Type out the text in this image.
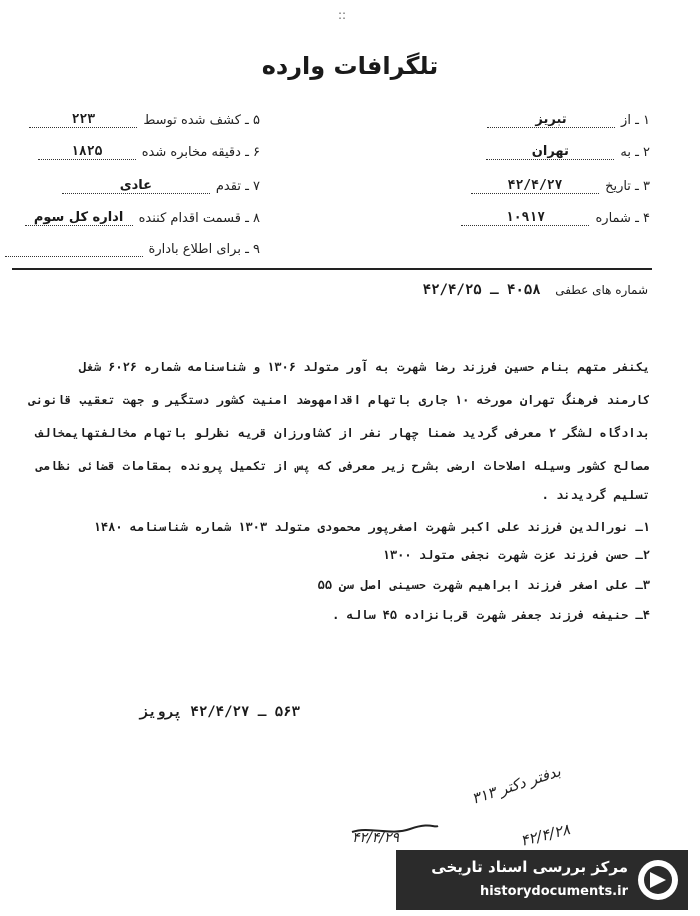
::
تلگرافات وارده
۱ ـ از
تبریز
۲ ـ به
تهران
۳ ـ تاریخ
۴۲/۴/۲۷
۴ ـ شماره
۱۰۹۱۷
۵ ـ کشف شده توسط
۲۲۳
۶ ـ دقیقه مخابره شده
۱۸۲۵
۷ ـ تقدم
عادی
۸ ـ قسمت اقدام کننده
اداره کل سوم
۹ ـ برای اطلاع بادارة
شماره های عطفی ۴۰۵۸ ـ ۴۲/۴/۲۵
یکنفر متهم بنام حسین فرزند رضا شهرت به آور متولد ۱۳۰۶ و شناسنامه شماره ۶۰۲۶ شغل
کارمند فرهنگ تهران مورخه ۱۰ جاری باتهام اقدامهوضد امنیت کشور دستگیر و جهت تعقیب قانونی
بدادگاه لشگر ۲ معرفی گردید ضمنا چهار نفر از کشاورزان قریه نظرلو باتهام مخالفتهایمخالف
مصالح کشور وسیله اصلاحات ارضی بشرح زیر معرفی که پس از تکمیل پرونده بمقامات قضائی نظامی
تسلیم گردیدند .
۱ـ نورالدین فرزند علی اکبر شهرت اصغرپور محمودی متولد ۱۳۰۳ شماره شناسنامه ۱۴۸۰
۲ـ حسن فرزند عزت شهرت نجفی متولد ۱۳۰۰
۳ـ علی اصغر فرزند ابراهیم شهرت حسینی اصل سن ۵۵
۴ـ حنیفه فرزند جعفر شهرت قربانزاده ۴۵ ساله .
۵۶۳ ـ ۴۲/۴/۲۷ پرویز
بدفتر دکتر ۳۱۳
۴۲/۴/۲۸
۴۲/۴/۲۹
مرکز بررسی اسناد تاریخی
historydocuments.ir
